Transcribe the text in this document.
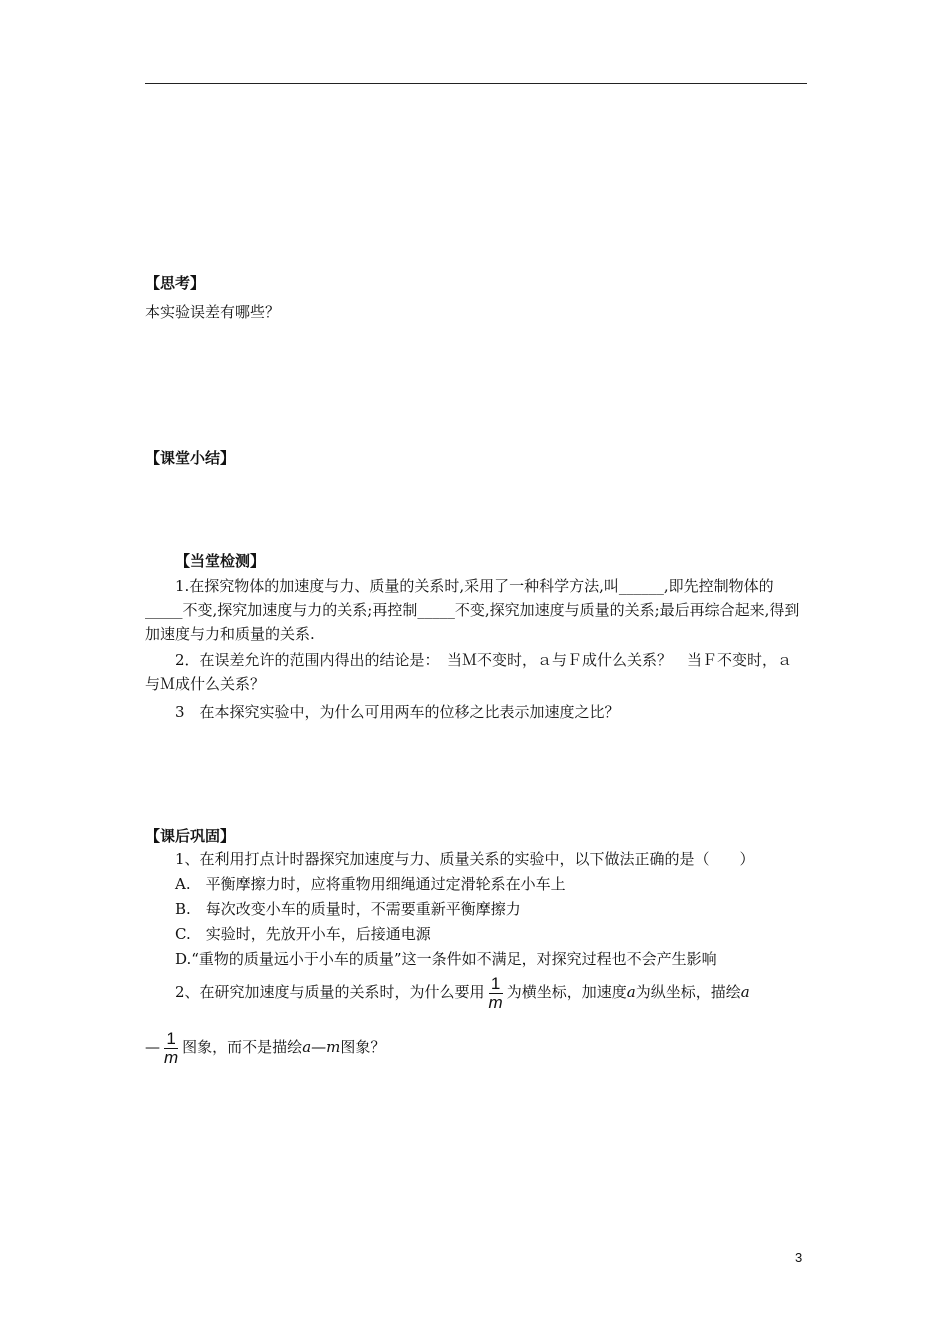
【思考】
本实验误差有哪些？
【课堂小结】
【当堂检测】
1.在探究物体的加速度与力、质量的关系时,采用了一种科学方法,叫______,即先控制物体的_____不变,探究加速度与力的关系;再控制_____不变,探究加速度与质量的关系;最后再综合起来,得到加速度与力和质量的关系.
2．在误差允许的范围内得出的结论是：　当Ｍ不变时，ａ与Ｆ成什么关系？　当Ｆ不变时，ａ与Ｍ成什么关系？
3　在本探究实验中，为什么可用两车的位移之比表示加速度之比？
【课后巩固】
1、在利用打点计时器探究加速度与力、质量关系的实验中，以下做法正确的是（　　）
A.　平衡摩擦力时，应将重物用细绳通过定滑轮系在小车上
B.　每次改变小车的质量时，不需要重新平衡摩擦力
C.　实验时，先放开小车，后接通电源
D.“重物的质量远小于小车的质量”这一条件如不满足，对探究过程也不会产生影响
2、在研究加速度与质量的关系时，为什么要用 $\frac{1}{m}$ 为横坐标，加速度a为纵坐标，描绘a
— $\frac{1}{m}$ 图象，而不是描绘a—m图象？
3
